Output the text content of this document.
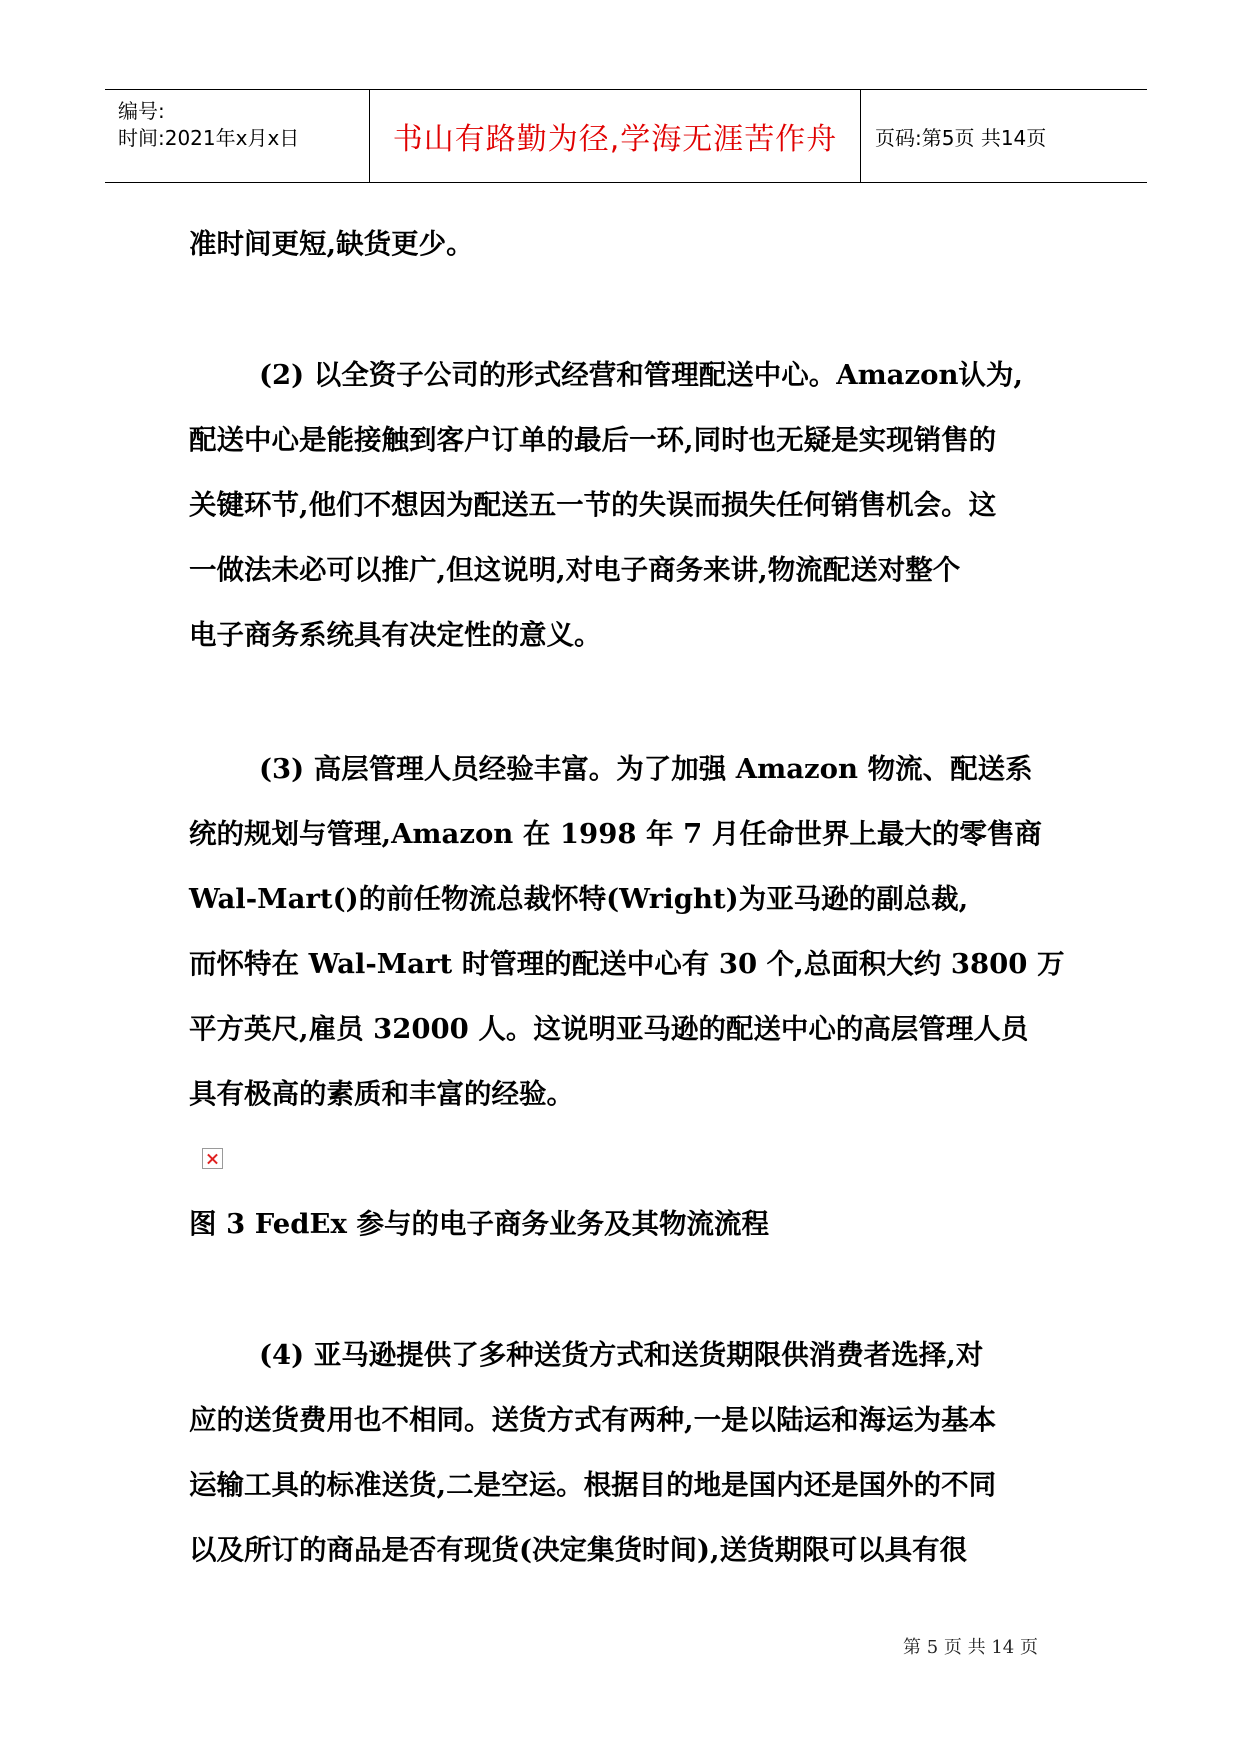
编号:
时间:2021年x月x日	书山有路勤为径,学海无涯苦作舟 页码:第5页 共14页
准时间更短,缺货更少。
(2) 以全资子公司的形式经营和管理配送中心。Amazon认为,
配送中心是能接触到客户订单的最后一环,同时也无疑是实现销售的
关键环节,他们不想因为配送五一节的失误而损失任何销售机会。这
一做法未必可以推广,但这说明,对电子商务来讲,物流配送对整个
电子商务系统具有决定性的意义。
(3) 高层管理人员经验丰富。为了加强 Amazon 物流、配送系
统的规划与管理,Amazon 在 1998 年 7 月任命世界上最大的零售商
Wal-Mart()的前任物流总裁怀特(Wright)为亚马逊的副总裁,
而怀特在 Wal-Mart 时管理的配送中心有 30 个,总面积大约 3800 万
平方英尺,雇员 32000 人。这说明亚马逊的配送中心的高层管理人员
具有极高的素质和丰富的经验。
图 3 FedEx 参与的电子商务业务及其物流流程
(4) 亚马逊提供了多种送货方式和送货期限供消费者选择,对
应的送货费用也不相同。送货方式有两种,一是以陆运和海运为基本
运输工具的标准送货,二是空运。根据目的地是国内还是国外的不同
以及所订的商品是否有现货(决定集货时间),送货期限可以具有很
第 5 页 共 14 页
